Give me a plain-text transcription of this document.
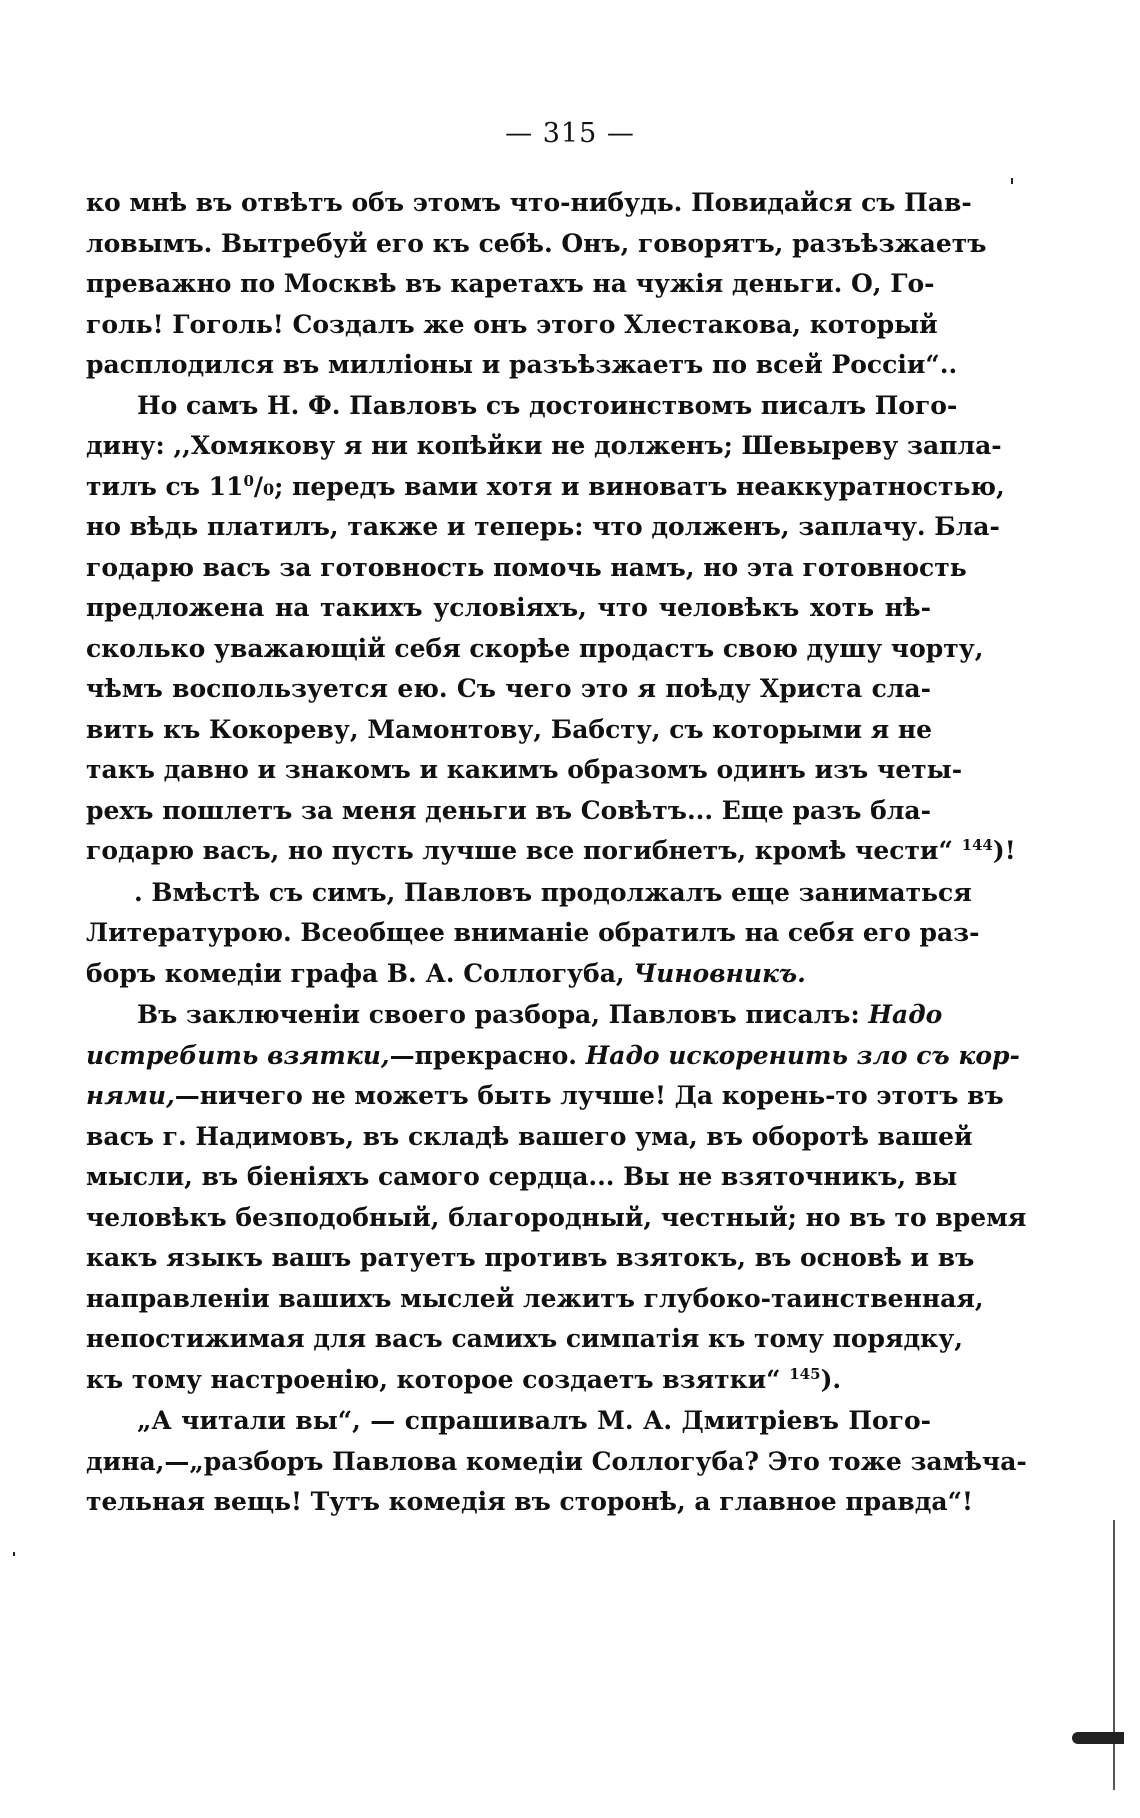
— 315 —
ко мнѣ въ отвѣтъ объ этомъ что-нибудь. Повидайся съ Пав-
ловымъ. Вытребуй его къ себѣ. Онъ, говорятъ, разъѣзжаетъ
преважно по Москвѣ въ каретахъ на чужія деньги. О, Го-
голь! Гоголь! Создалъ же онъ этого Хлестакова, который
расплодился въ милліоны и разъѣзжаетъ по всей Россіи“..
Но самъ Н. Ф. Павловъ съ достоинствомъ писалъ Пого-
дину: ,,Хомякову я ни копѣйки не долженъ; Шевыреву запла-
тилъ съ $11^0/0$; передъ вами хотя и виноватъ неаккуратностью,
но вѣдь платилъ, также и теперь: что долженъ, заплачу. Бла-
годарю васъ за готовность помочь намъ, но эта готовность
предложена на такихъ условіяхъ, что человѣкъ хоть нѣ-
сколько уважающій себя скорѣе продастъ свою душу чорту,
чѣмъ воспользуется ею. Съ чего это я поѣду Христа сла-
вить къ Кокореву, Мамонтову, Бабсту, съ которыми я не
такъ давно и знакомъ и какимъ образомъ одинъ изъ четы-
рехъ пошлетъ за меня деньги въ Совѣтъ... Еще разъ бла-
годарю васъ, но пусть лучше все погибнетъ, кромѣ чести“ $^{144}$)!
. Вмѣстѣ съ симъ, Павловъ продолжалъ еще заниматься
Литературою. Всеобщее вниманіе обратилъ на себя его раз-
боръ комедіи графа В. А. Соллогуба, Чиновникъ.
Въ заключеніи своего разбора, Павловъ писалъ: Надо
истребить взятки,—прекрасно. Надо искоренить зло съ кор-
нями,—ничего не можетъ быть лучше! Да корень-то этотъ въ
васъ г. Надимовъ, въ складѣ вашего ума, въ оборотѣ вашей
мысли, въ біеніяхъ самого сердца... Вы не взяточникъ, вы
человѣкъ безподобный, благородный, честный; но въ то время
какъ языкъ вашъ ратуетъ противъ взятокъ, въ основѣ и въ
направленіи вашихъ мыслей лежитъ глубоко-таинственная,
непостижимая для васъ самихъ симпатія къ тому порядку,
къ тому настроенію, которое создаетъ взятки“ $^{145}$).
„А читали вы“, — спрашивалъ М. А. Дмитріевъ Пого-
дина,—„разборъ Павлова комедіи Соллогуба? Это тоже замѣча-
тельная вещь! Тутъ комедія въ сторонѣ, а главное правда“!
